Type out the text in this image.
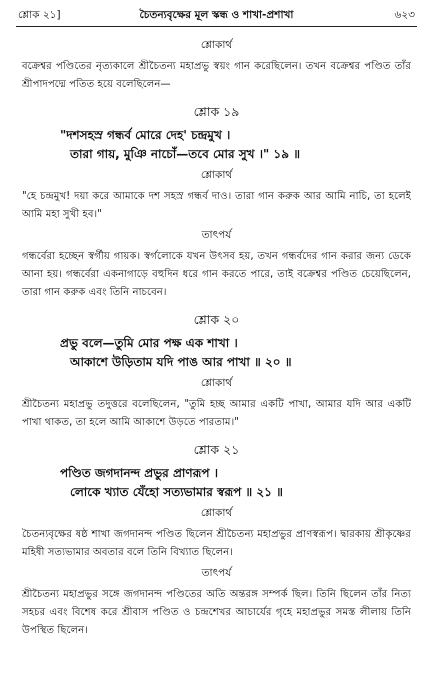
শ্লোক ২১]	চৈতন্যবৃক্ষের মূল স্কন্ধ ও শাখা-প্রশাখা	৬২৩
শ্লোকার্থ

বক্রেশ্বর পণ্ডিতের নৃত্যকালে শ্রীচৈতন্য মহাপ্রভু স্বয়ং গান করেছিলেন। তখন বক্রেশ্বর পণ্ডিত তাঁর শ্রীপাদপদ্মে পতিত হয়ে বলেছিলেন—

শ্লোক ১৯

"দশসহস্র গন্ধর্ব মোরে দেহ' চন্দ্রমুখ ।

তারা গায়, মুঞি নাচোঁ—তবে মোর সুখ ।" ১৯ ॥

শ্লোকার্থ

"হে চন্দ্রমুখ! দয়া করে আমাকে দশ সহস্র গন্ধর্ব দাও। তারা গান করুক আর আমি নাচি, তা হলেই আমি মহা সুখী হব।"

তাৎপর্য

গন্ধর্বেরা হচ্ছেন স্বর্গীয় গায়ক। স্বর্গলোকে যখন উৎসব হয়, তখন গন্ধর্বদের গান করার জন্য ডেকে আনা হয়। গন্ধর্বেরা একনাগাড়ে বহুদিন ধরে গান করতে পারে, তাই বক্রেশ্বর পণ্ডিত চেয়েছিলেন, তারা গান করুক এবং তিনি নাচবেন।

শ্লোক ২০

প্রভু বলে—তুমি মোর পক্ষ এক শাখা ।

আকাশে উড়িতাম যদি পাঙ আর পাখা ॥ ২০ ॥

শ্লোকার্থ

শ্রীচৈতন্য মহাপ্রভু তদুত্তরে বলেছিলেন, "তুমি হচ্ছ আমার একটি পাখা, আমার যদি আর একটি পাখা থাকত, তা হলে আমি আকাশে উড়তে পারতাম।"

শ্লোক ২১

পণ্ডিত জগদানন্দ প্রভুর প্রাণরূপ ।

লোকে খ্যাত যেঁহো সত্যভামার স্বরূপ ॥ ২১ ॥

শ্লোকার্থ

চৈতন্যবৃক্ষের ষষ্ঠ শাখা জগদানন্দ পণ্ডিত ছিলেন শ্রীচৈতন্য মহাপ্রভুর প্রাণস্বরূপ। দ্বারকায় শ্রীকৃষ্ণের মহিষী সত্যভামার অবতার বলে তিনি বিখ্যাত ছিলেন।

তাৎপর্য

শ্রীচৈতন্য মহাপ্রভুর সঙ্গে জগদানন্দ পণ্ডিতের অতি অন্তরঙ্গ সম্পর্ক ছিল। তিনি ছিলেন তাঁর নিত্য সহচর এবং বিশেষ করে শ্রীবাস পণ্ডিত ও চন্দ্রশেখর আচার্যের গৃহে মহাপ্রভুর সমস্ত লীলায় তিনি উপস্থিত ছিলেন।
